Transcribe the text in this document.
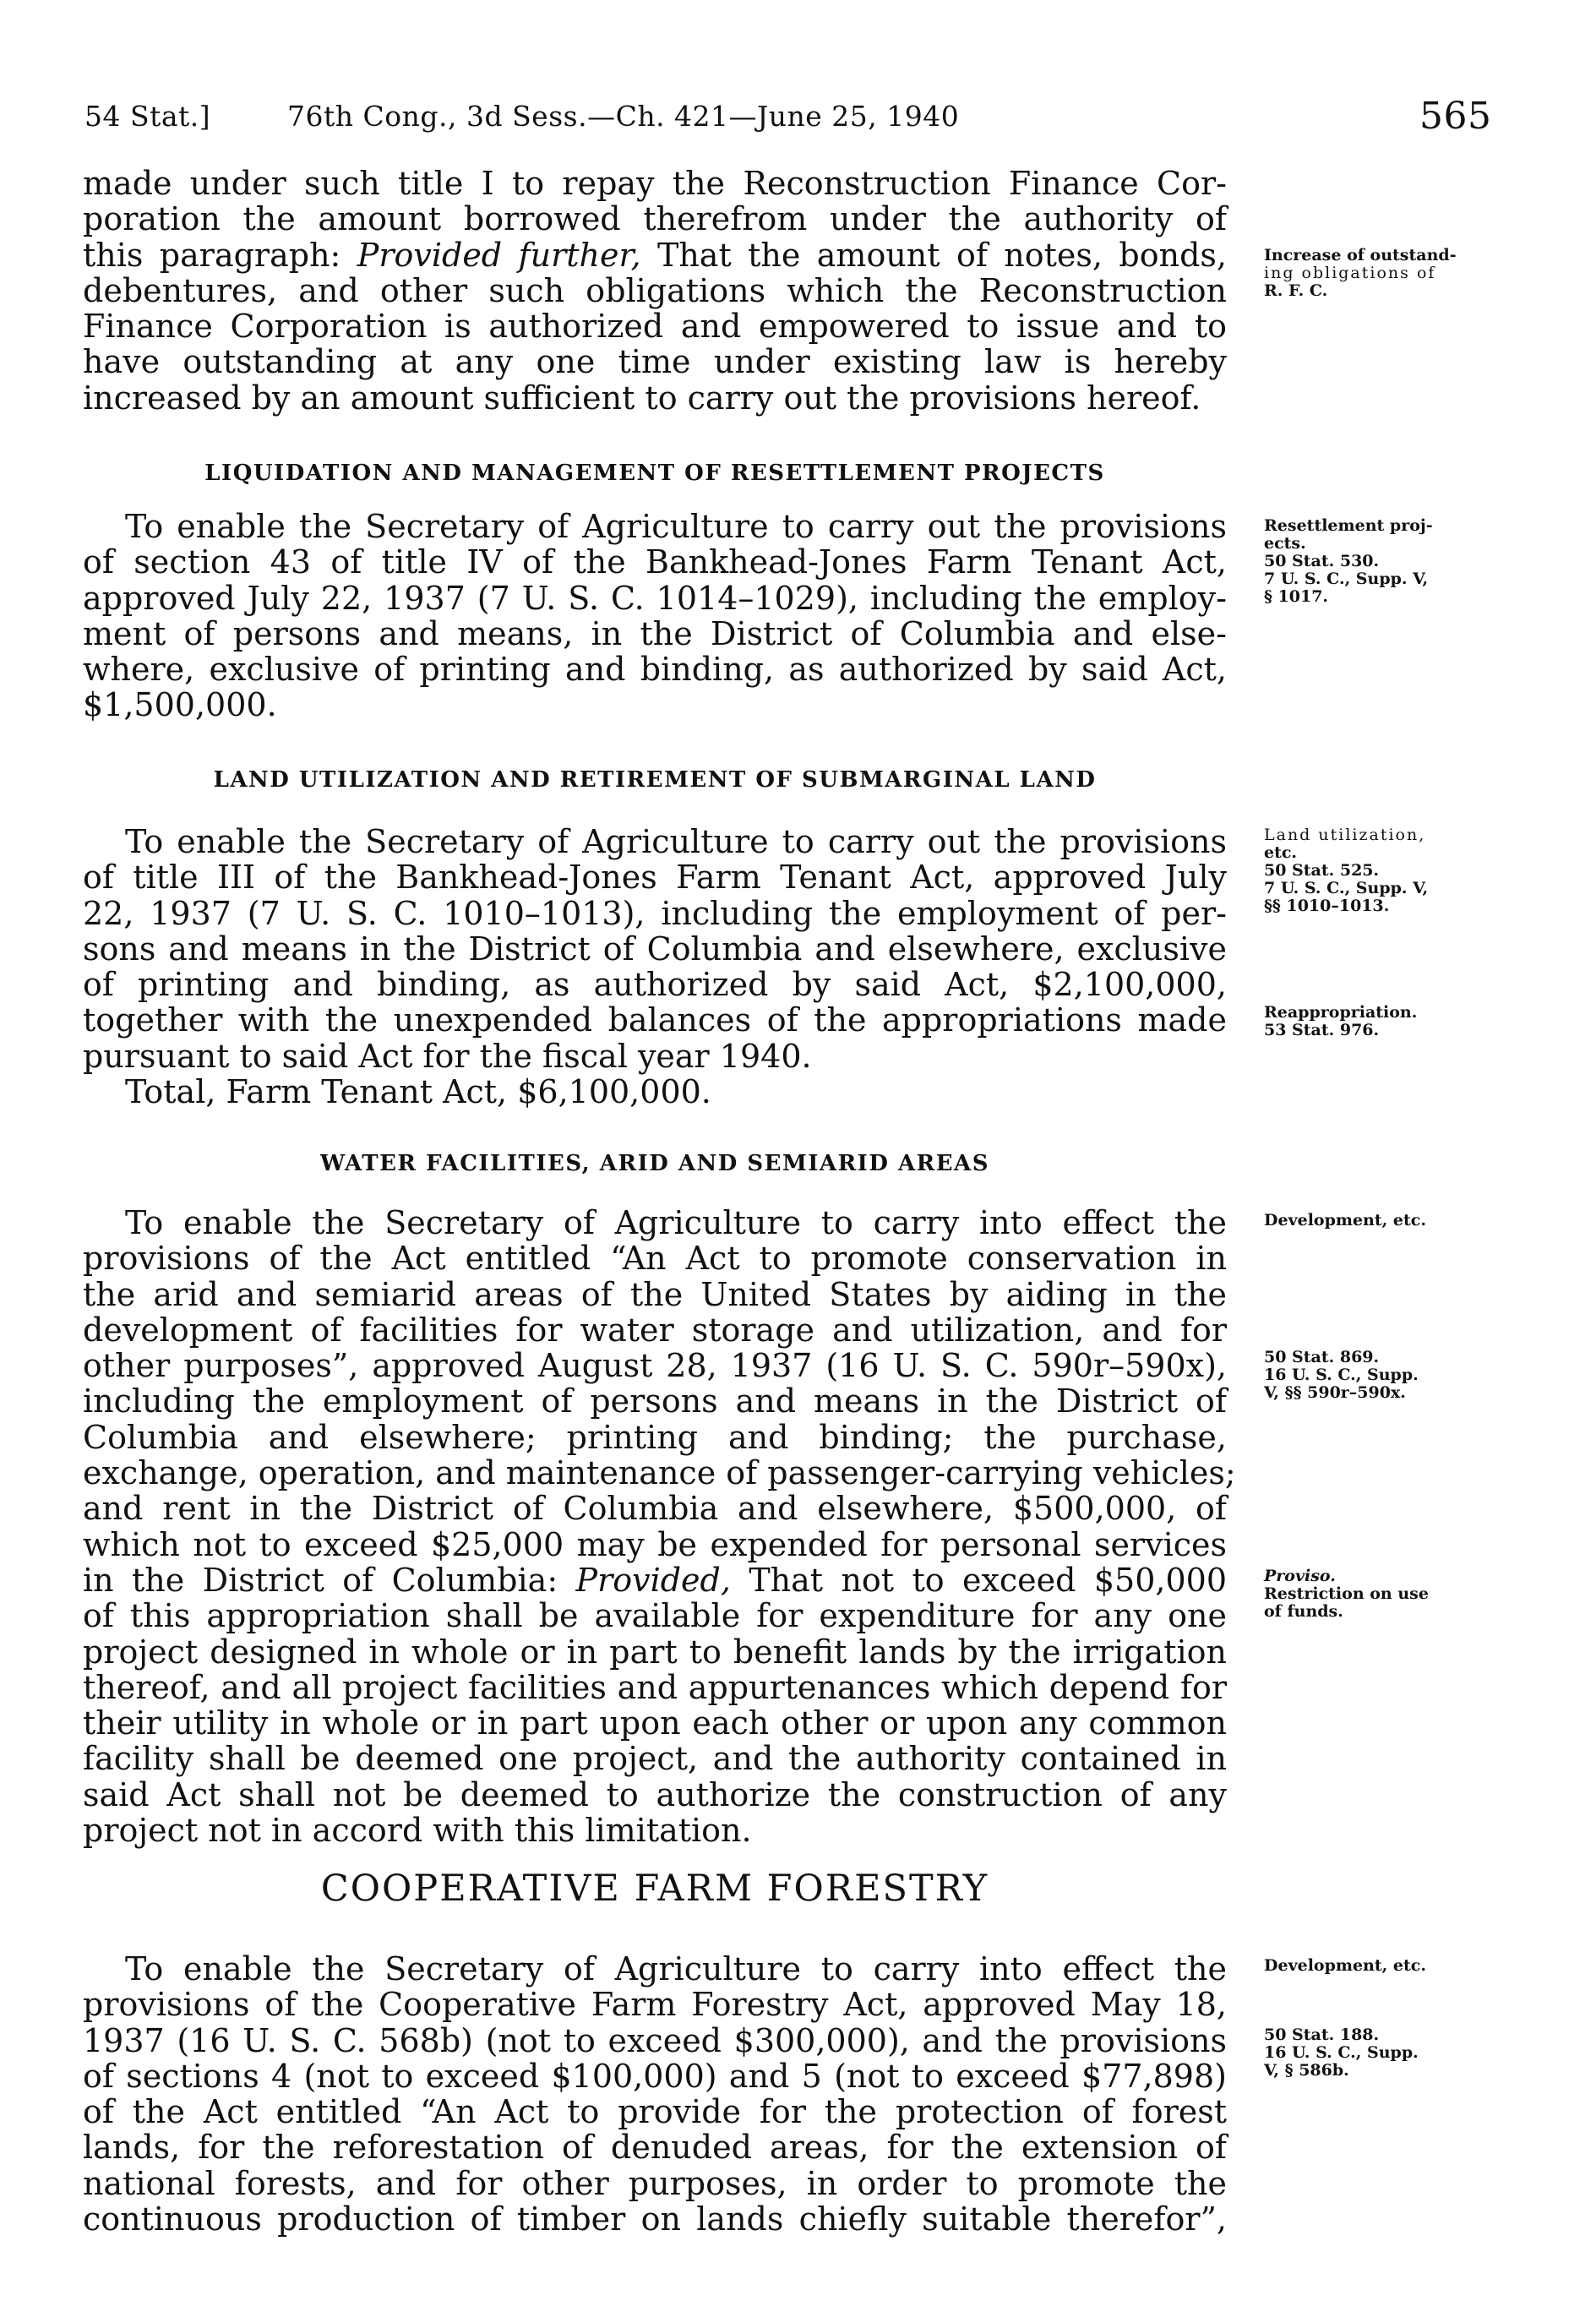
54 Stat.]	76th Cong., 3d Sess.—Ch. 421—June 25, 1940	565
made under such title I to repay the Reconstruction Finance Cor-
poration the amount borrowed therefrom under the authority of
this paragraph: Provided further, That the amount of notes, bonds,
debentures, and other such obligations which the Reconstruction
Finance Corporation is authorized and empowered to issue and to
have outstanding at any one time under existing law is hereby
increased by an amount sufficient to carry out the provisions hereof.
LIQUIDATION AND MANAGEMENT OF RESETTLEMENT PROJECTS
To enable the Secretary of Agriculture to carry out the provisions
of section 43 of title IV of the Bankhead-Jones Farm Tenant Act,
approved July 22, 1937 (7 U. S. C. 1014–1029), including the employ-
ment of persons and means, in the District of Columbia and else-
where, exclusive of printing and binding, as authorized by said Act,
$1,500,000.
LAND UTILIZATION AND RETIREMENT OF SUBMARGINAL LAND
To enable the Secretary of Agriculture to carry out the provisions
of title III of the Bankhead-Jones Farm Tenant Act, approved July
22, 1937 (7 U. S. C. 1010–1013), including the employment of per-
sons and means in the District of Columbia and elsewhere, exclusive
of printing and binding, as authorized by said Act, $2,100,000,
together with the unexpended balances of the appropriations made
pursuant to said Act for the fiscal year 1940.
Total, Farm Tenant Act, $6,100,000.
WATER FACILITIES, ARID AND SEMIARID AREAS
To enable the Secretary of Agriculture to carry into effect the
provisions of the Act entitled “An Act to promote conservation in
the arid and semiarid areas of the United States by aiding in the
development of facilities for water storage and utilization, and for
other purposes”, approved August 28, 1937 (16 U. S. C. 590r–590x),
including the employment of persons and means in the District of
Columbia and elsewhere; printing and binding; the purchase,
exchange, operation, and maintenance of passenger-carrying vehicles;
and rent in the District of Columbia and elsewhere, $500,000, of
which not to exceed $25,000 may be expended for personal services
in the District of Columbia: Provided, That not to exceed $50,000
of this appropriation shall be available for expenditure for any one
project designed in whole or in part to benefit lands by the irrigation
thereof, and all project facilities and appurtenances which depend for
their utility in whole or in part upon each other or upon any common
facility shall be deemed one project, and the authority contained in
said Act shall not be deemed to authorize the construction of any
project not in accord with this limitation.
COOPERATIVE FARM FORESTRY
To enable the Secretary of Agriculture to carry into effect the
provisions of the Cooperative Farm Forestry Act, approved May 18,
1937 (16 U. S. C. 568b) (not to exceed $300,000), and the provisions
of sections 4 (not to exceed $100,000) and 5 (not to exceed $77,898)
of the Act entitled “An Act to provide for the protection of forest
lands, for the reforestation of denuded areas, for the extension of
national forests, and for other purposes, in order to promote the
continuous production of timber on lands chiefly suitable therefor”,
Increase of outstand-
ing obligations of
R. F. C.
Resettlement proj-
ects.
50 Stat. 530.
7 U. S. C., Supp. V,
§ 1017.
Land utilization,
etc.
50 Stat. 525.
7 U. S. C., Supp. V,
§§ 1010–1013.
Reappropriation.
53 Stat. 976.
Development, etc.
50 Stat. 869.
16 U. S. C., Supp.
V, §§ 590r–590x.
Proviso.
Restriction on use
of funds.
Development, etc.
50 Stat. 188.
16 U. S. C., Supp.
V, § 586b.
